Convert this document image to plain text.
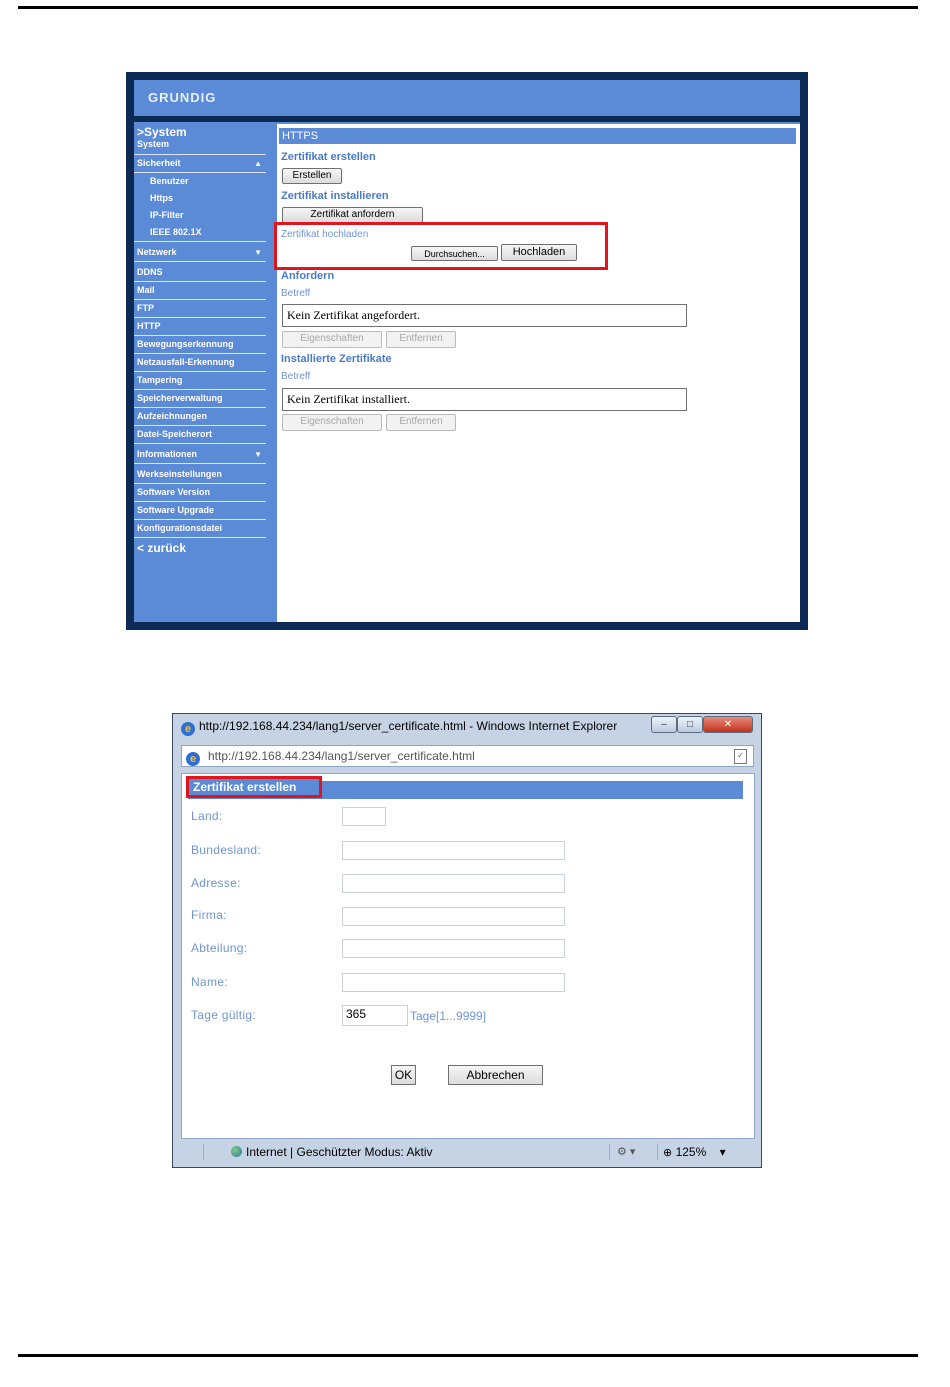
GRUNDIG
>System
System
Sicherheit ▲
Benutzer
Https
IP-Filter
IEEE 802.1X
Netzwerk ▼
DDNS
Mail
FTP
HTTP
Bewegungserkennung
Netzausfall-Erkennung
Tampering
Speicherverwaltung
Aufzeichnungen
Datei-Speicherort
Informationen ▼
Werkseinstellungen
Software Version
Software Upgrade
Konfigurationsdatei
< zurück
HTTPS
Zertifikat erstellen
Erstellen
Zertifikat installieren
Zertifikat anfordern
Zertifikat hochladen
Durchsuchen...	Hochladen
Anfordern
Betreff
Kein Zertifikat angefordert.
Eigenschaften	Entfernen
Installierte Zertifikate
Betreff
Kein Zertifikat installiert.
Eigenschaften	Entfernen
e http://192.168.44.234/lang1/server_certificate.html - Windows Internet Explorer	‒	□	✕
e http://192.168.44.234/lang1/server_certificate.html	✓
Zertifikat erstellen
Land:
Bundesland:
Adresse:
Firma:
Abteilung:
Name:
Tage gültig:	365	Tage[1...9999]
OK	Abbrechen
Internet | Geschützter Modus: Aktiv	⚙ ▾	⊕ 125% ▾
